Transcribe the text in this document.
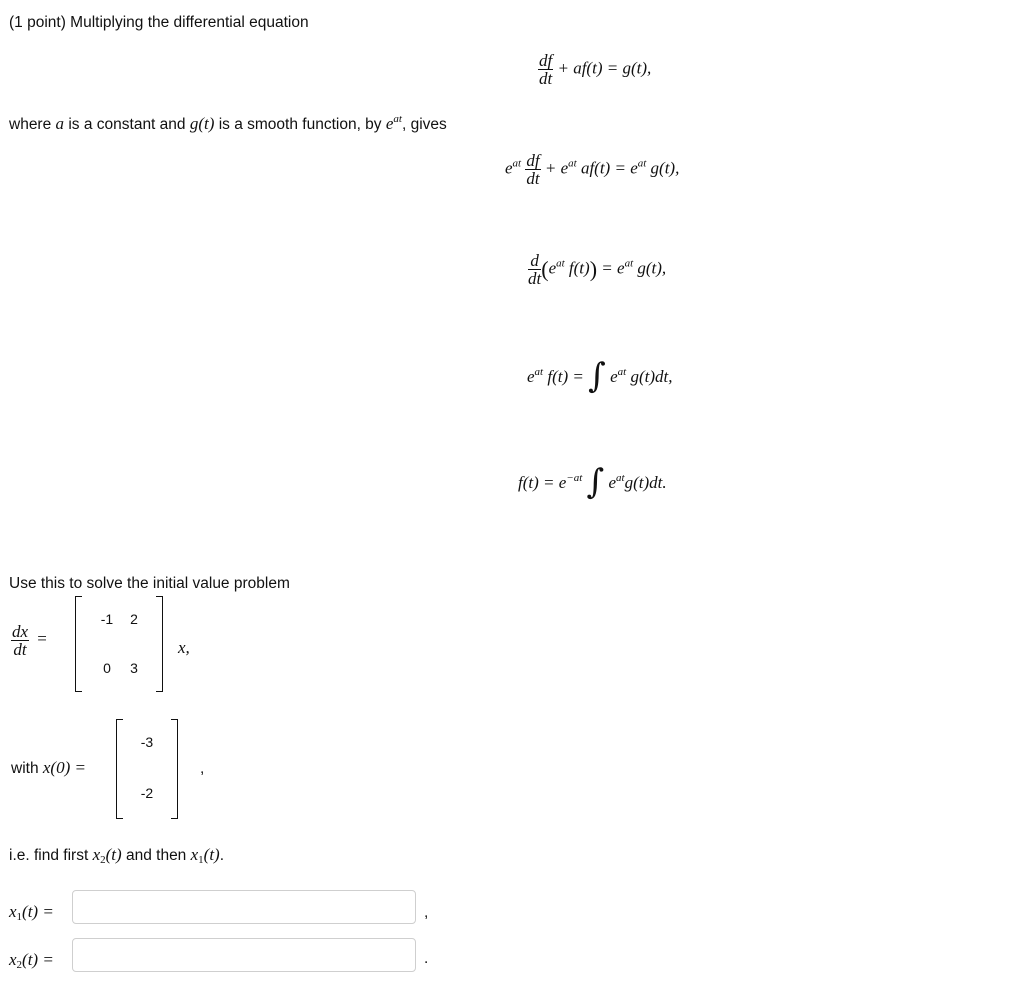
(1 point) Multiplying the differential equation
$\frac{df}{dt} + af(t) = g(t)$,
where a is a constant and g(t) is a smooth function, by $e^{at}$, gives
$e^{at} \frac{df}{dt} + e^{at}$ $af(t) = e^{at}$ g(t),
$\frac{d}{dt} (e^{at}$ $f(t)) = e^{at}$ g(t),
$e^{at}$ f(t) = ∫ $e^{at}$ g(t)dt,
$f(t) = e^{-at}$ ∫ $e^{at}g(t)dt$.
Use this to solve the initial value problem
$\frac{dx}{dt}$ =
-1	2
0	3
x,
with x(0) =
-3
-2
,
i.e. find first $x_2(t)$ and then $x_1(t)$.
$x_1(t)$ =	,
$x_2(t)$ =	.
